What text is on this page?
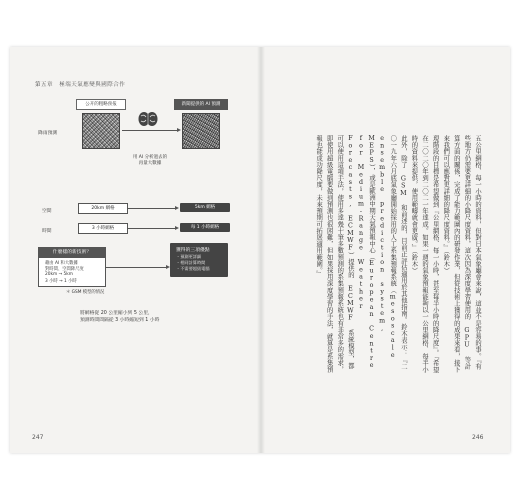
第五章 極端天氣應變與國際合作
公开的粗略预报	新聞提供的 AI 預測
降雨預測
用 AI 分析過去的
再量大數據
空間
20km 網格	5km 網格
時間
3 小時網格	每 1 小時網格
什麼樣的新技術？
藉由 AI 和大數據
對時間、空間降尺度
20km → 5km
3 小時 → 1 小時
獲得的三項優點
・預測更詳細
・相同計算時間
・不需要超級電腦
＊ GSM 模型的情況
將網格從 20 公里縮小到 5 公里，
預測時間間隔從 3 小時縮短到 1 小時
247

五公里網格、每一小時的資料，但對日本氣象廳會來說，這並不是容易的事。『有些地方仍需要更詳細的小降尺度資料，這次因為深度學習使用的 GPU 等計算方面的關係，完成了能力範圍內的研發作業，但從技術上獲得的成果來看，接下來我們可以應對更詳細的降尺度資料。』（鈴木）

現階段的目標是希望做到『公里網格、每一小時，甚至每半小時的降尺度』。『希望在二〇二〇年到二〇二一年達成。如果一週的氣象預報能夠以一公里網格、每半小時的資料來提供，使用範疇就會更廣。』（鈴木）

此外，除了 GSM 和前述的，目前正評估適用於其他指南。鈴木表示：『二〇一九年六月底氣象廳開始採用的人工系集預報系統（mesoscale ensemble prediction system, MEPS），或是歐洲中期天氣預報中心（European Centre for Medium-Range Weather Forecasts, ECMWF）提供的 ECMWF 系統模型，都可以使用這項手法，使用多達幾十筆多數預測的系集預報系統也有非常多的需求，即使用超級電腦要做到預測也很困難，但如果採用深度學習的手法，就算是系集預報也能成功降尺度，未來預期可拓展適用範圍。』

246
